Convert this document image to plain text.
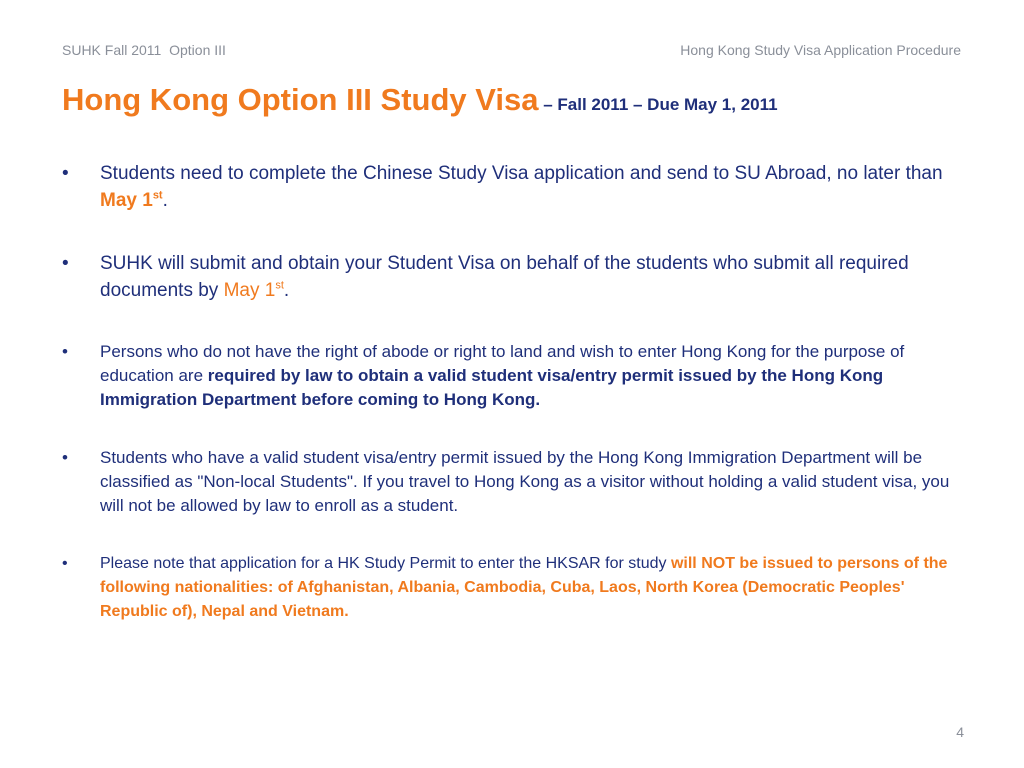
SUHK Fall 2011  Option III	Hong Kong Study Visa Application Procedure
Hong Kong Option III Study Visa – Fall 2011 – Due May 1, 2011
•	Students need to complete the Chinese Study Visa application and send to SU Abroad, no later than May 1st.
•	SUHK will submit and obtain your Student Visa on behalf of the students who submit all required documents by May 1st.
•	Persons who do not have the right of abode or right to land and wish to enter Hong Kong for the purpose of education are required by law to obtain a valid student visa/entry permit issued by the Hong Kong Immigration Department before coming to Hong Kong.
•	Students who have a valid student visa/entry permit issued by the Hong Kong Immigration Department will be classified as "Non-local Students". If you travel to Hong Kong as a visitor without holding a valid student visa, you will not be allowed by law to enroll as a student.
•	Please note that application for a HK Study Permit to enter the HKSAR for study will NOT be issued to persons of the following nationalities: of Afghanistan, Albania, Cambodia, Cuba, Laos, North Korea (Democratic Peoples' Republic of), Nepal and Vietnam.
4
